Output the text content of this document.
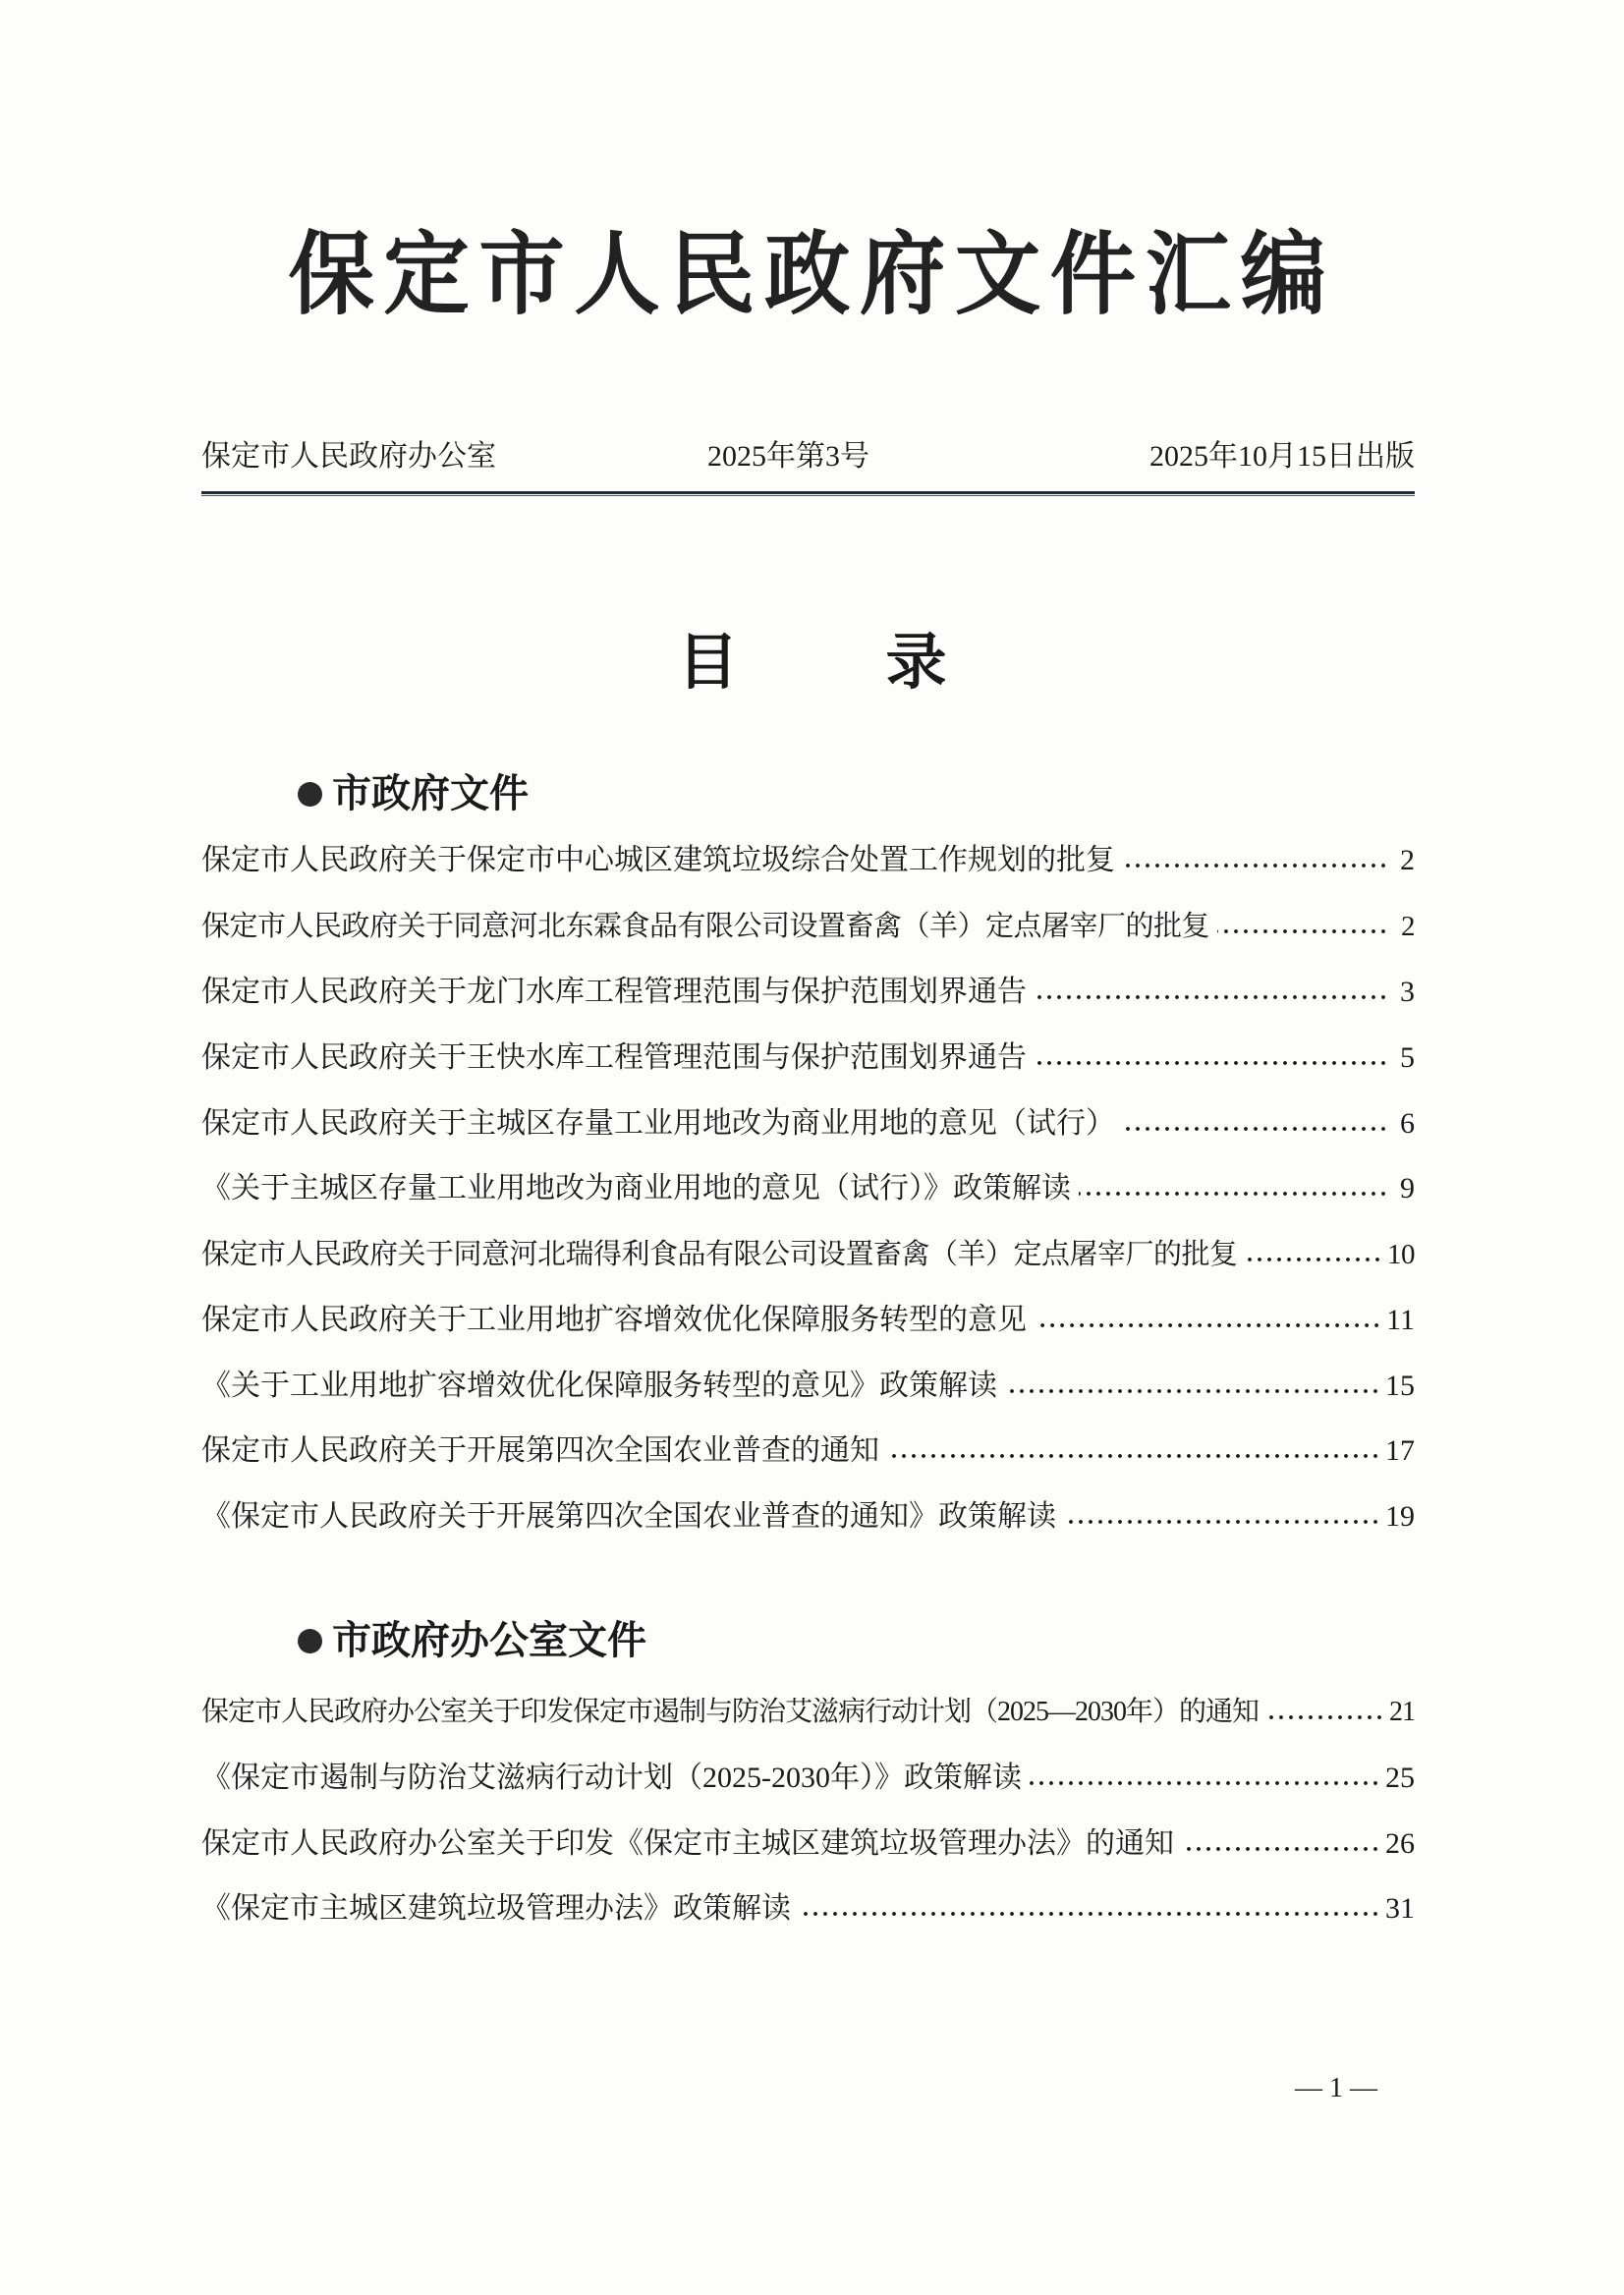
保定市人民政府文件汇编
保定市人民政府办公室	2025年第3号	2025年10月15日出版
目 录
市政府文件
保定市人民政府关于保定市中心城区建筑垃圾综合处置工作规划的批复 . . .	2
保定市人民政府关于同意河北东霖食品有限公司设置畜禽（羊）定点屠宰厂的批复 . . .	2
保定市人民政府关于龙门水库工程管理范围与保护范围划界通告 . . .	3
保定市人民政府关于王快水库工程管理范围与保护范围划界通告 . . .	5
保定市人民政府关于主城区存量工业用地改为商业用地的意见（试行） . . .	6
《关于主城区存量工业用地改为商业用地的意见（试行）》政策解读 . . .	9
保定市人民政府关于同意河北瑞得利食品有限公司设置畜禽（羊）定点屠宰厂的批复 . . .	10
保定市人民政府关于工业用地扩容增效优化保障服务转型的意见 . . .	11
《关于工业用地扩容增效优化保障服务转型的意见》政策解读 . . .	15
保定市人民政府关于开展第四次全国农业普查的通知 . . .	17
《保定市人民政府关于开展第四次全国农业普查的通知》政策解读 . . .	19
市政府办公室文件
保定市人民政府办公室关于印发保定市遏制与防治艾滋病行动计划（2025—2030年）的通知 . . .	21
《保定市遏制与防治艾滋病行动计划（2025-2030年）》政策解读 . . .	25
保定市人民政府办公室关于印发《保定市主城区建筑垃圾管理办法》的通知 . . .	26
《保定市主城区建筑垃圾管理办法》政策解读 . . .	31
— 1 —
